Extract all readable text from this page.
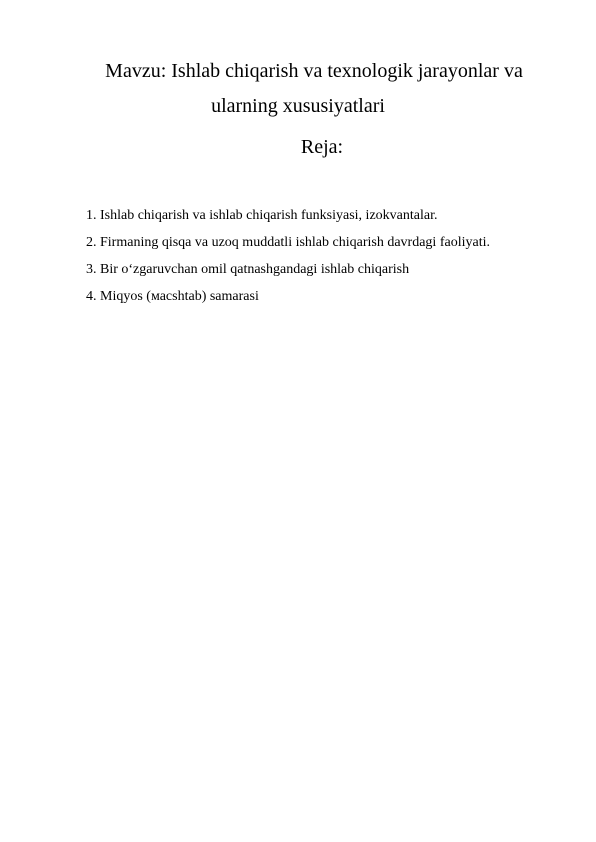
Mavzu: Ishlab chiqarish va texnologik jarayonlar va
ularning xususiyatlari
Reja:
1. Ishlab chiqarish va ishlab chiqarish funksiyasi, izokvantalar.
2. Firmaning qisqa va uzoq muddatli ishlab chiqarish davrdagi faoliyati.
3. Bir o‘zgaruvchan omil qatnashgandagi ishlab chiqarish
4. Miqyos (масshtab) samarasi
